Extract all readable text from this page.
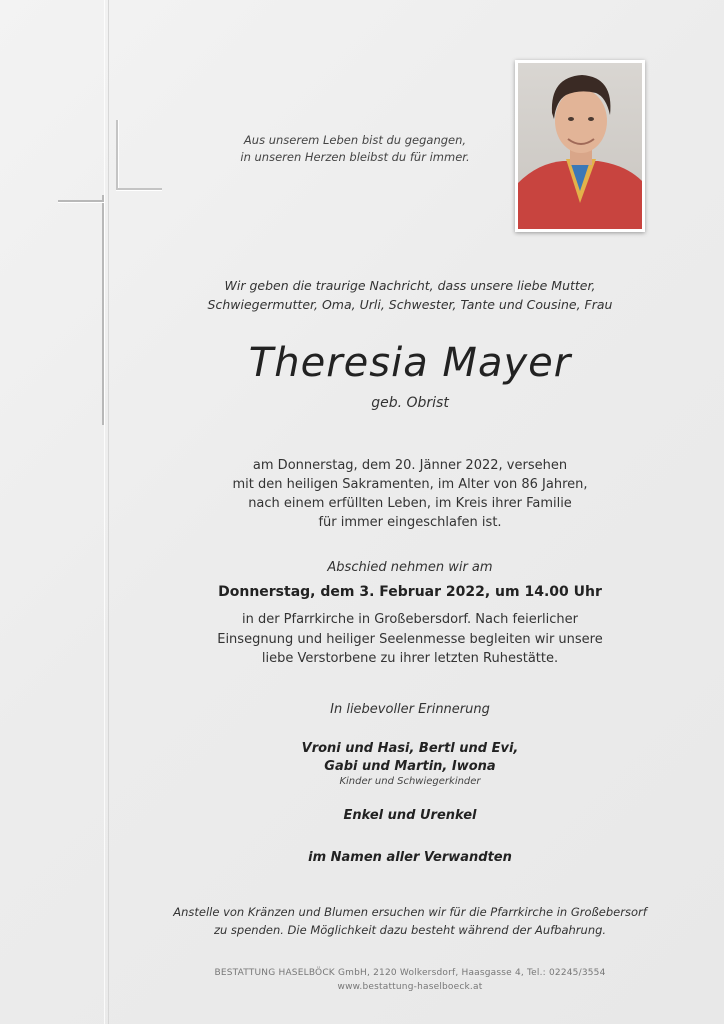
Aus unserem Leben bist du gegangen,
in unseren Herzen bleibst du für immer.
Wir geben die traurige Nachricht, dass unsere liebe Mutter,
Schwiegermutter, Oma, Urli, Schwester, Tante und Cousine, Frau
Theresia Mayer
geb. Obrist
am Donnerstag, dem 20. Jänner 2022, versehen
mit den heiligen Sakramenten, im Alter von 86 Jahren,
nach einem erfüllten Leben, im Kreis ihrer Familie
für immer eingeschlafen ist.
Abschied nehmen wir am
Donnerstag, dem 3. Februar 2022, um 14.00 Uhr
in der Pfarrkirche in Großebersdorf. Nach feierlicher
Einsegnung und heiliger Seelenmesse begleiten wir unsere
liebe Verstorbene zu ihrer letzten Ruhestätte.
In liebevoller Erinnerung
Vroni und Hasi, Bertl und Evi,
Gabi und Martin, Iwona
Kinder und Schwiegerkinder
Enkel und Urenkel
im Namen aller Verwandten
Anstelle von Kränzen und Blumen ersuchen wir für die Pfarrkirche in Großebersorf
zu spenden. Die Möglichkeit dazu besteht während der Aufbahrung.
BESTATTUNG HASELBÖCK GmbH, 2120 Wolkersdorf, Haasgasse 4, Tel.: 02245/3554
www.bestattung-haselboeck.at
